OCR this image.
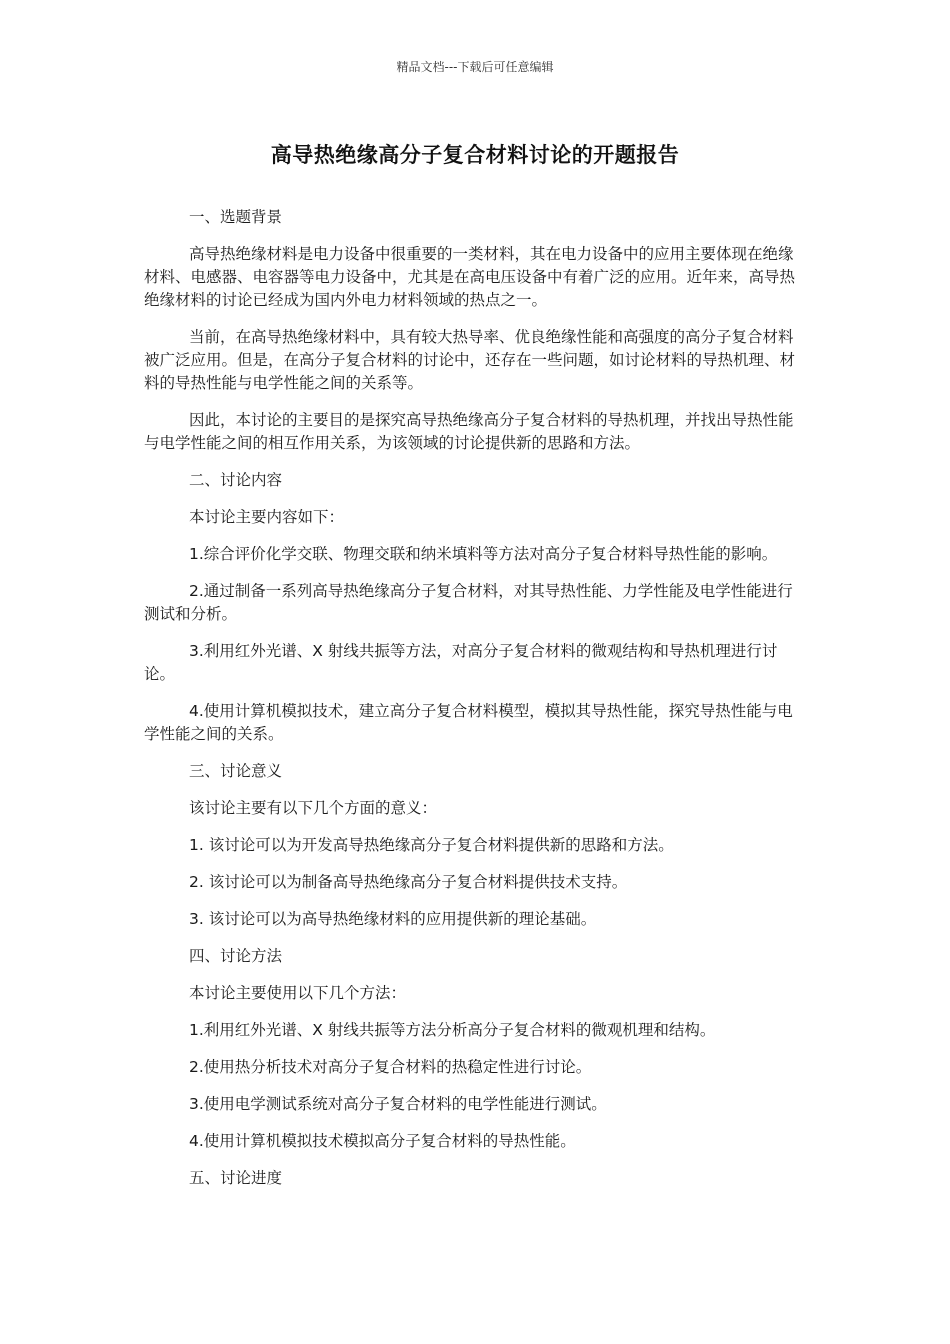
精品文档---下载后可任意编辑
高导热绝缘高分子复合材料讨论的开题报告
一、选题背景
高导热绝缘材料是电力设备中很重要的一类材料，其在电力设备中的应用主要体现在绝缘材料、电感器、电容器等电力设备中，尤其是在高电压设备中有着广泛的应用。近年来，高导热绝缘材料的讨论已经成为国内外电力材料领域的热点之一。
当前，在高导热绝缘材料中，具有较大热导率、优良绝缘性能和高强度的高分子复合材料被广泛应用。但是，在高分子复合材料的讨论中，还存在一些问题，如讨论材料的导热机理、材料的导热性能与电学性能之间的关系等。
因此，本讨论的主要目的是探究高导热绝缘高分子复合材料的导热机理，并找出导热性能与电学性能之间的相互作用关系，为该领域的讨论提供新的思路和方法。
二、讨论内容
本讨论主要内容如下：
1.综合评价化学交联、物理交联和纳米填料等方法对高分子复合材料导热性能的影响。
2.通过制备一系列高导热绝缘高分子复合材料，对其导热性能、力学性能及电学性能进行测试和分析。
3.利用红外光谱、X 射线共振等方法，对高分子复合材料的微观结构和导热机理进行讨论。
4.使用计算机模拟技术，建立高分子复合材料模型，模拟其导热性能，探究导热性能与电学性能之间的关系。
三、讨论意义
该讨论主要有以下几个方面的意义：
1. 该讨论可以为开发高导热绝缘高分子复合材料提供新的思路和方法。
2. 该讨论可以为制备高导热绝缘高分子复合材料提供技术支持。
3. 该讨论可以为高导热绝缘材料的应用提供新的理论基础。
四、讨论方法
本讨论主要使用以下几个方法：
1.利用红外光谱、X 射线共振等方法分析高分子复合材料的微观机理和结构。
2.使用热分析技术对高分子复合材料的热稳定性进行讨论。
3.使用电学测试系统对高分子复合材料的电学性能进行测试。
4.使用计算机模拟技术模拟高分子复合材料的导热性能。
五、讨论进度
